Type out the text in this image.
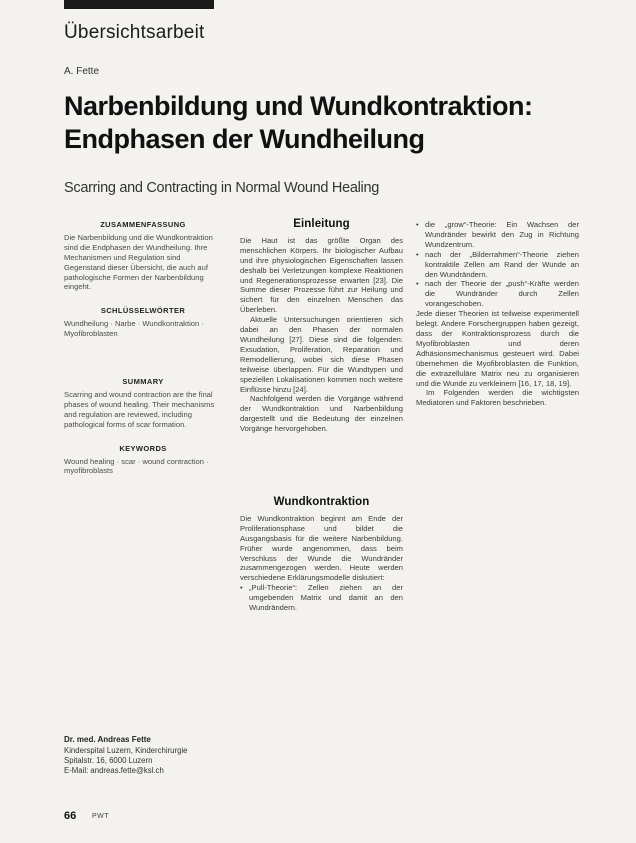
Übersichtsarbeit
A. Fette
Narbenbildung und Wundkontraktion: Endphasen der Wundheilung
Scarring and Contracting in Normal Wound Healing
ZUSAMMENFASSUNG

Die Narbenbildung und die Wundkontraktion sind die Endphasen der Wundheilung. Ihre Mechanismen und Regulation sind Gegenstand dieser Übersicht, die auch auf pathologische Formen der Narbenbildung eingeht.

SCHLÜSSELWÖRTER

Wundheilung · Narbe · Wundkontraktion · Myofibroblasten

SUMMARY

Scarring and wound contraction are the final phases of wound healing. Their mechanisms and regulation are reviewed, including pathological forms of scar formation.

KEYWORDS

Wound healing · scar · wound contraction · myofibroblasts

Einleitung

Die Haut ist das größte Organ des menschlichen Körpers. Ihr biologischer Aufbau und ihre physiologischen Eigenschaften lassen deshalb bei Verletzungen komplexe Reaktionen und Regenerationsprozesse erwarten [23]. Die Summe dieser Prozesse führt zur Heilung und sichert für den einzelnen Menschen das Überleben.

Aktuelle Untersuchungen orientieren sich dabei an den Phasen der normalen Wundheilung [27]. Diese sind die folgenden: Exsudation, Proliferation, Reparation und Remodellierung, wobei sich diese Phasen teilweise überlappen. Für die Wundtypen und speziellen Lokalisationen kommen noch weitere Einflüsse hinzu [24].

Nachfolgend werden die Vorgänge während der Wundkontraktion und Narbenbildung dargestellt und die Bedeutung der einzelnen Vorgänge hervorgehoben.

Wundkontraktion

Die Wundkontraktion beginnt am Ende der Proliferationsphase und bildet die Ausgangsbasis für die weitere Narbenbildung. Früher wurde angenommen, dass beim Verschluss der Wunde die Wundränder zusammengezogen werden. Heute werden verschiedene Erklärungsmodelle diskutiert:

• „Pull-Theorie“: Zellen ziehen an der umgebenden Matrix und damit an den Wundrändern.
• die „grow“-Theorie: Ein Wachsen der Wundränder bewirkt den Zug in Richtung Wundzentrum.
• nach der „Bilderrahmen“-Theorie ziehen kontraktile Zellen am Rand der Wunde an den Wundrändern.
• nach der Theorie der „push“-Kräfte werden die Wundränder durch Zellen vorangeschoben.

Jede dieser Theorien ist teilweise experimentell belegt. Andere Forschergruppen haben gezeigt, dass der Kontraktionsprozess durch die Myofibroblasten und deren Adhäsionsmechanismus gesteuert wird. Dabei übernehmen die Myofibroblasten die Funktion, die extrazelluläre Matrix neu zu organisieren und die Wunde zu verkleinern [16, 17, 18, 19].

Im Folgenden werden die wichtigsten Mediatoren und Faktoren beschrieben.

Dr. med. Andreas Fette
Kinderspital Luzern, Kinderchirurgie
Spitalstr. 16, 6000 Luzern
E-Mail: andreas.fette@ksl.ch
66 PWT
